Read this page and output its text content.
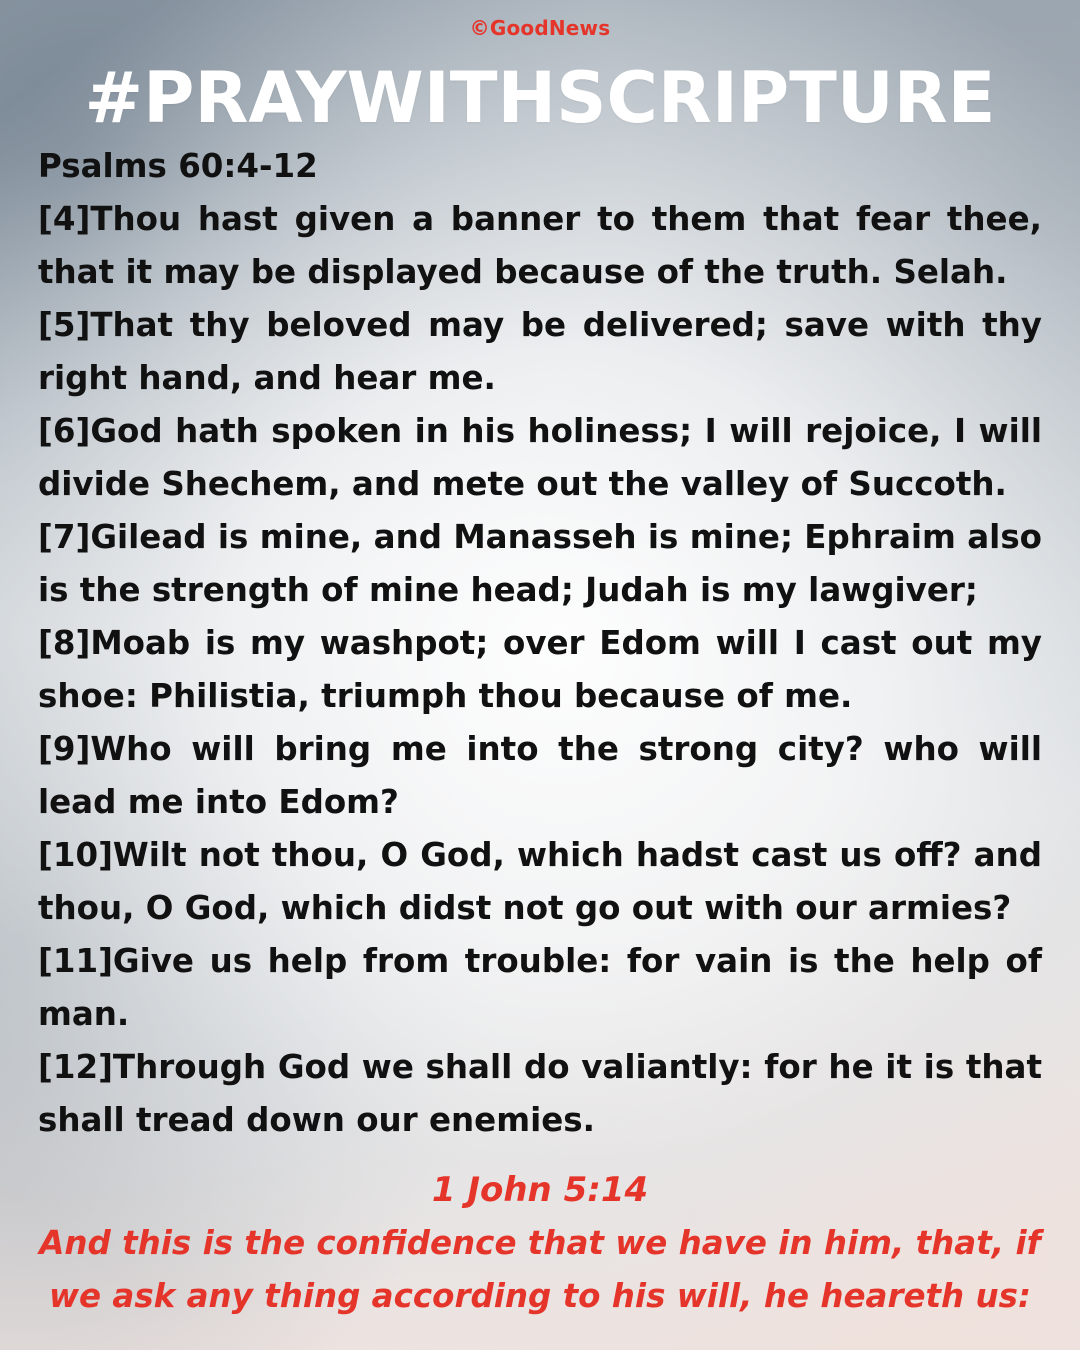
©GoodNews
#PRAYWITHSCRIPTURE
Psalms 60:4-12
[4]Thou hast given a banner to them that fear thee, that it may be displayed because of the truth. Selah.
[5]That thy beloved may be delivered; save with thy right hand, and hear me.
[6]God hath spoken in his holiness; I will rejoice, I will divide Shechem, and mete out the valley of Succoth.
[7]Gilead is mine, and Manasseh is mine; Ephraim also is the strength of mine head; Judah is my lawgiver;
[8]Moab is my washpot; over Edom will I cast out my shoe: Philistia, triumph thou because of me.
[9]Who will bring me into the strong city? who will lead me into Edom?
[10]Wilt not thou, O God, which hadst cast us off? and thou, O God, which didst not go out with our armies?
[11]Give us help from trouble: for vain is the help of man.
[12]Through God we shall do valiantly: for he it is that shall tread down our enemies.
1 John 5:14
And this is the confidence that we have in him, that, if we ask any thing according to his will, he heareth us:
